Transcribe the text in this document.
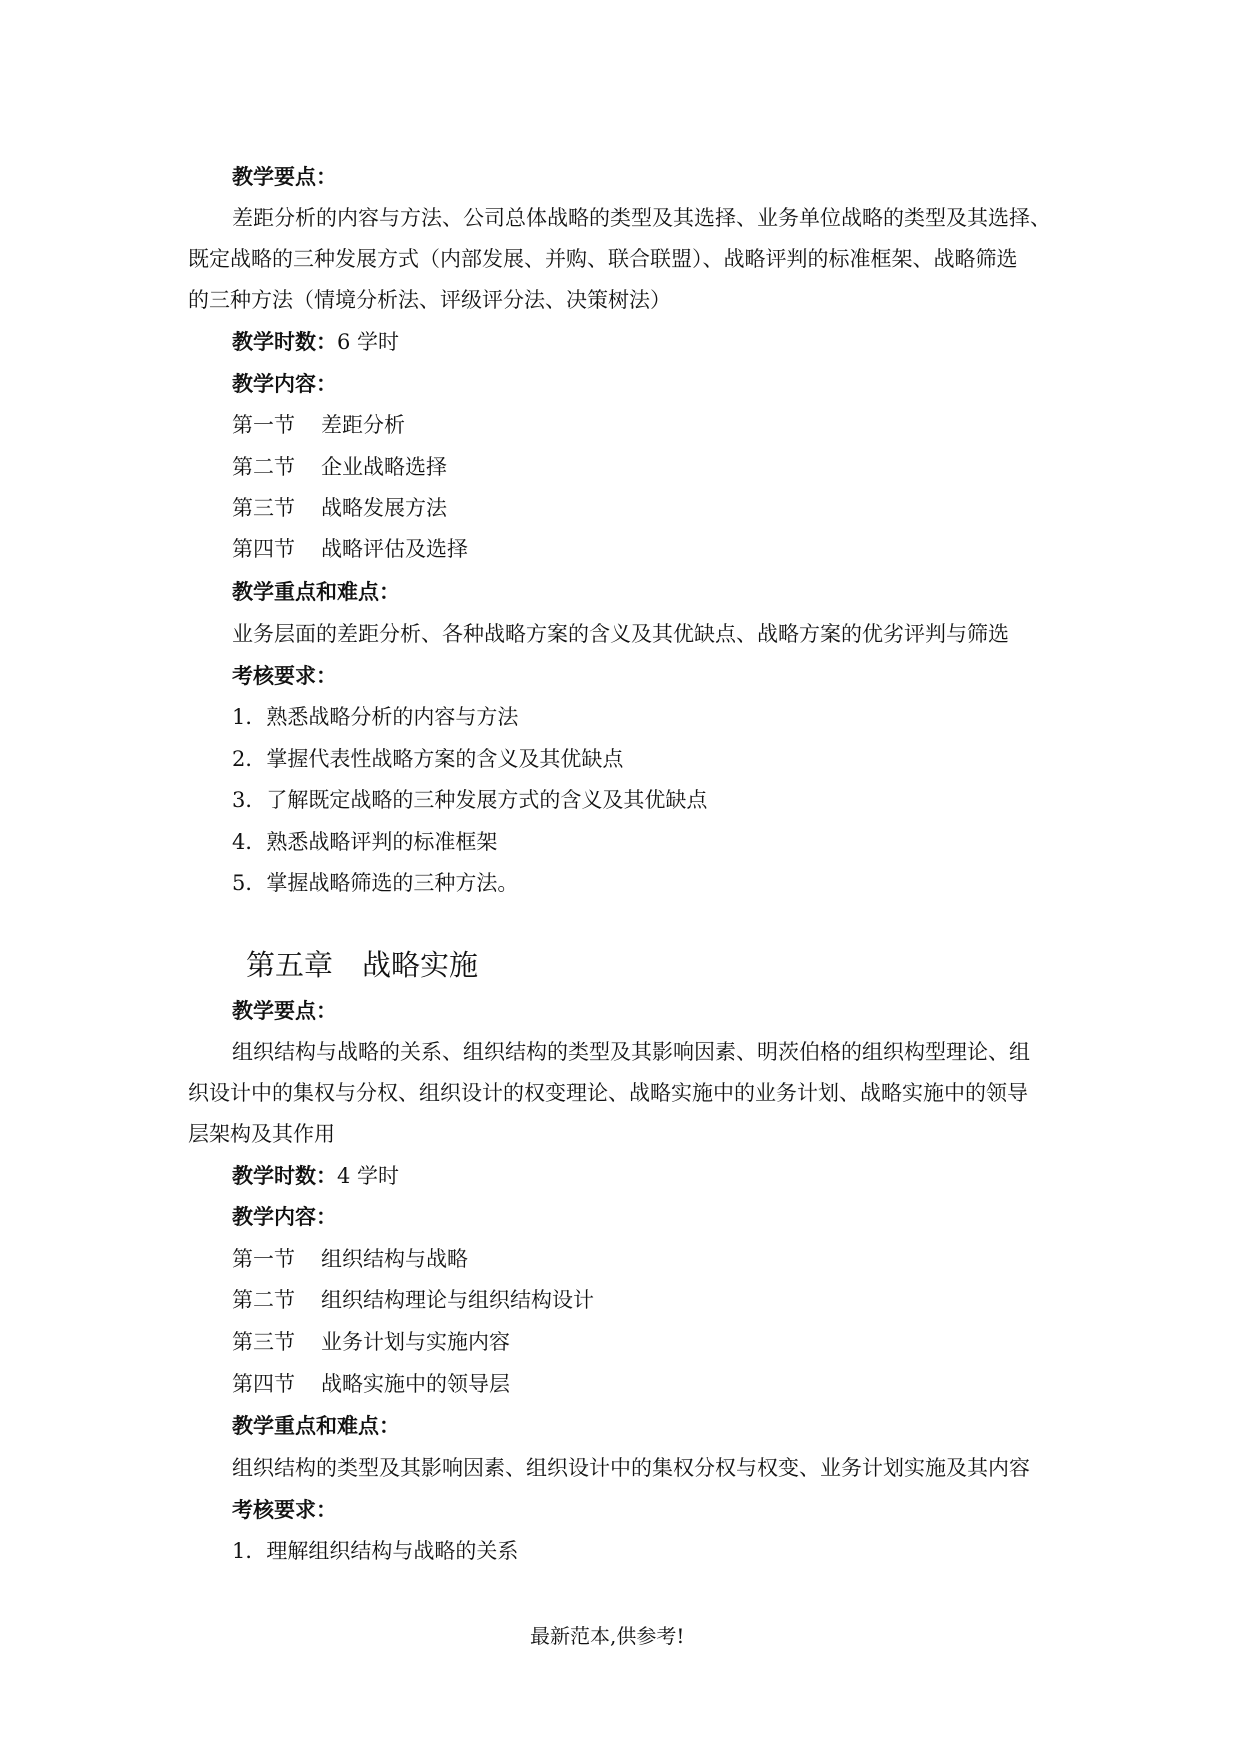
教学要点：
差距分析的内容与方法、公司总体战略的类型及其选择、业务单位战略的类型及其选择、
既定战略的三种发展方式（内部发展、并购、联合联盟）、战略评判的标准框架、战略筛选
的三种方法（情境分析法、评级评分法、决策树法）
教学时数：6 学时
教学内容：
第一节 差距分析
第二节 企业战略选择
第三节 战略发展方法
第四节 战略评估及选择
教学重点和难点：
业务层面的差距分析、各种战略方案的含义及其优缺点、战略方案的优劣评判与筛选
考核要求：
1．熟悉战略分析的内容与方法
2．掌握代表性战略方案的含义及其优缺点
3．了解既定战略的三种发展方式的含义及其优缺点
4．熟悉战略评判的标准框架
5．掌握战略筛选的三种方法。
第五章　战略实施
教学要点：
组织结构与战略的关系、组织结构的类型及其影响因素、明茨伯格的组织构型理论、组
织设计中的集权与分权、组织设计的权变理论、战略实施中的业务计划、战略实施中的领导
层架构及其作用
教学时数：4 学时
教学内容：
第一节 组织结构与战略
第二节 组织结构理论与组织结构设计
第三节 业务计划与实施内容
第四节 战略实施中的领导层
教学重点和难点：
组织结构的类型及其影响因素、组织设计中的集权分权与权变、业务计划实施及其内容
考核要求：
1．理解组织结构与战略的关系
最新范本,供参考!
